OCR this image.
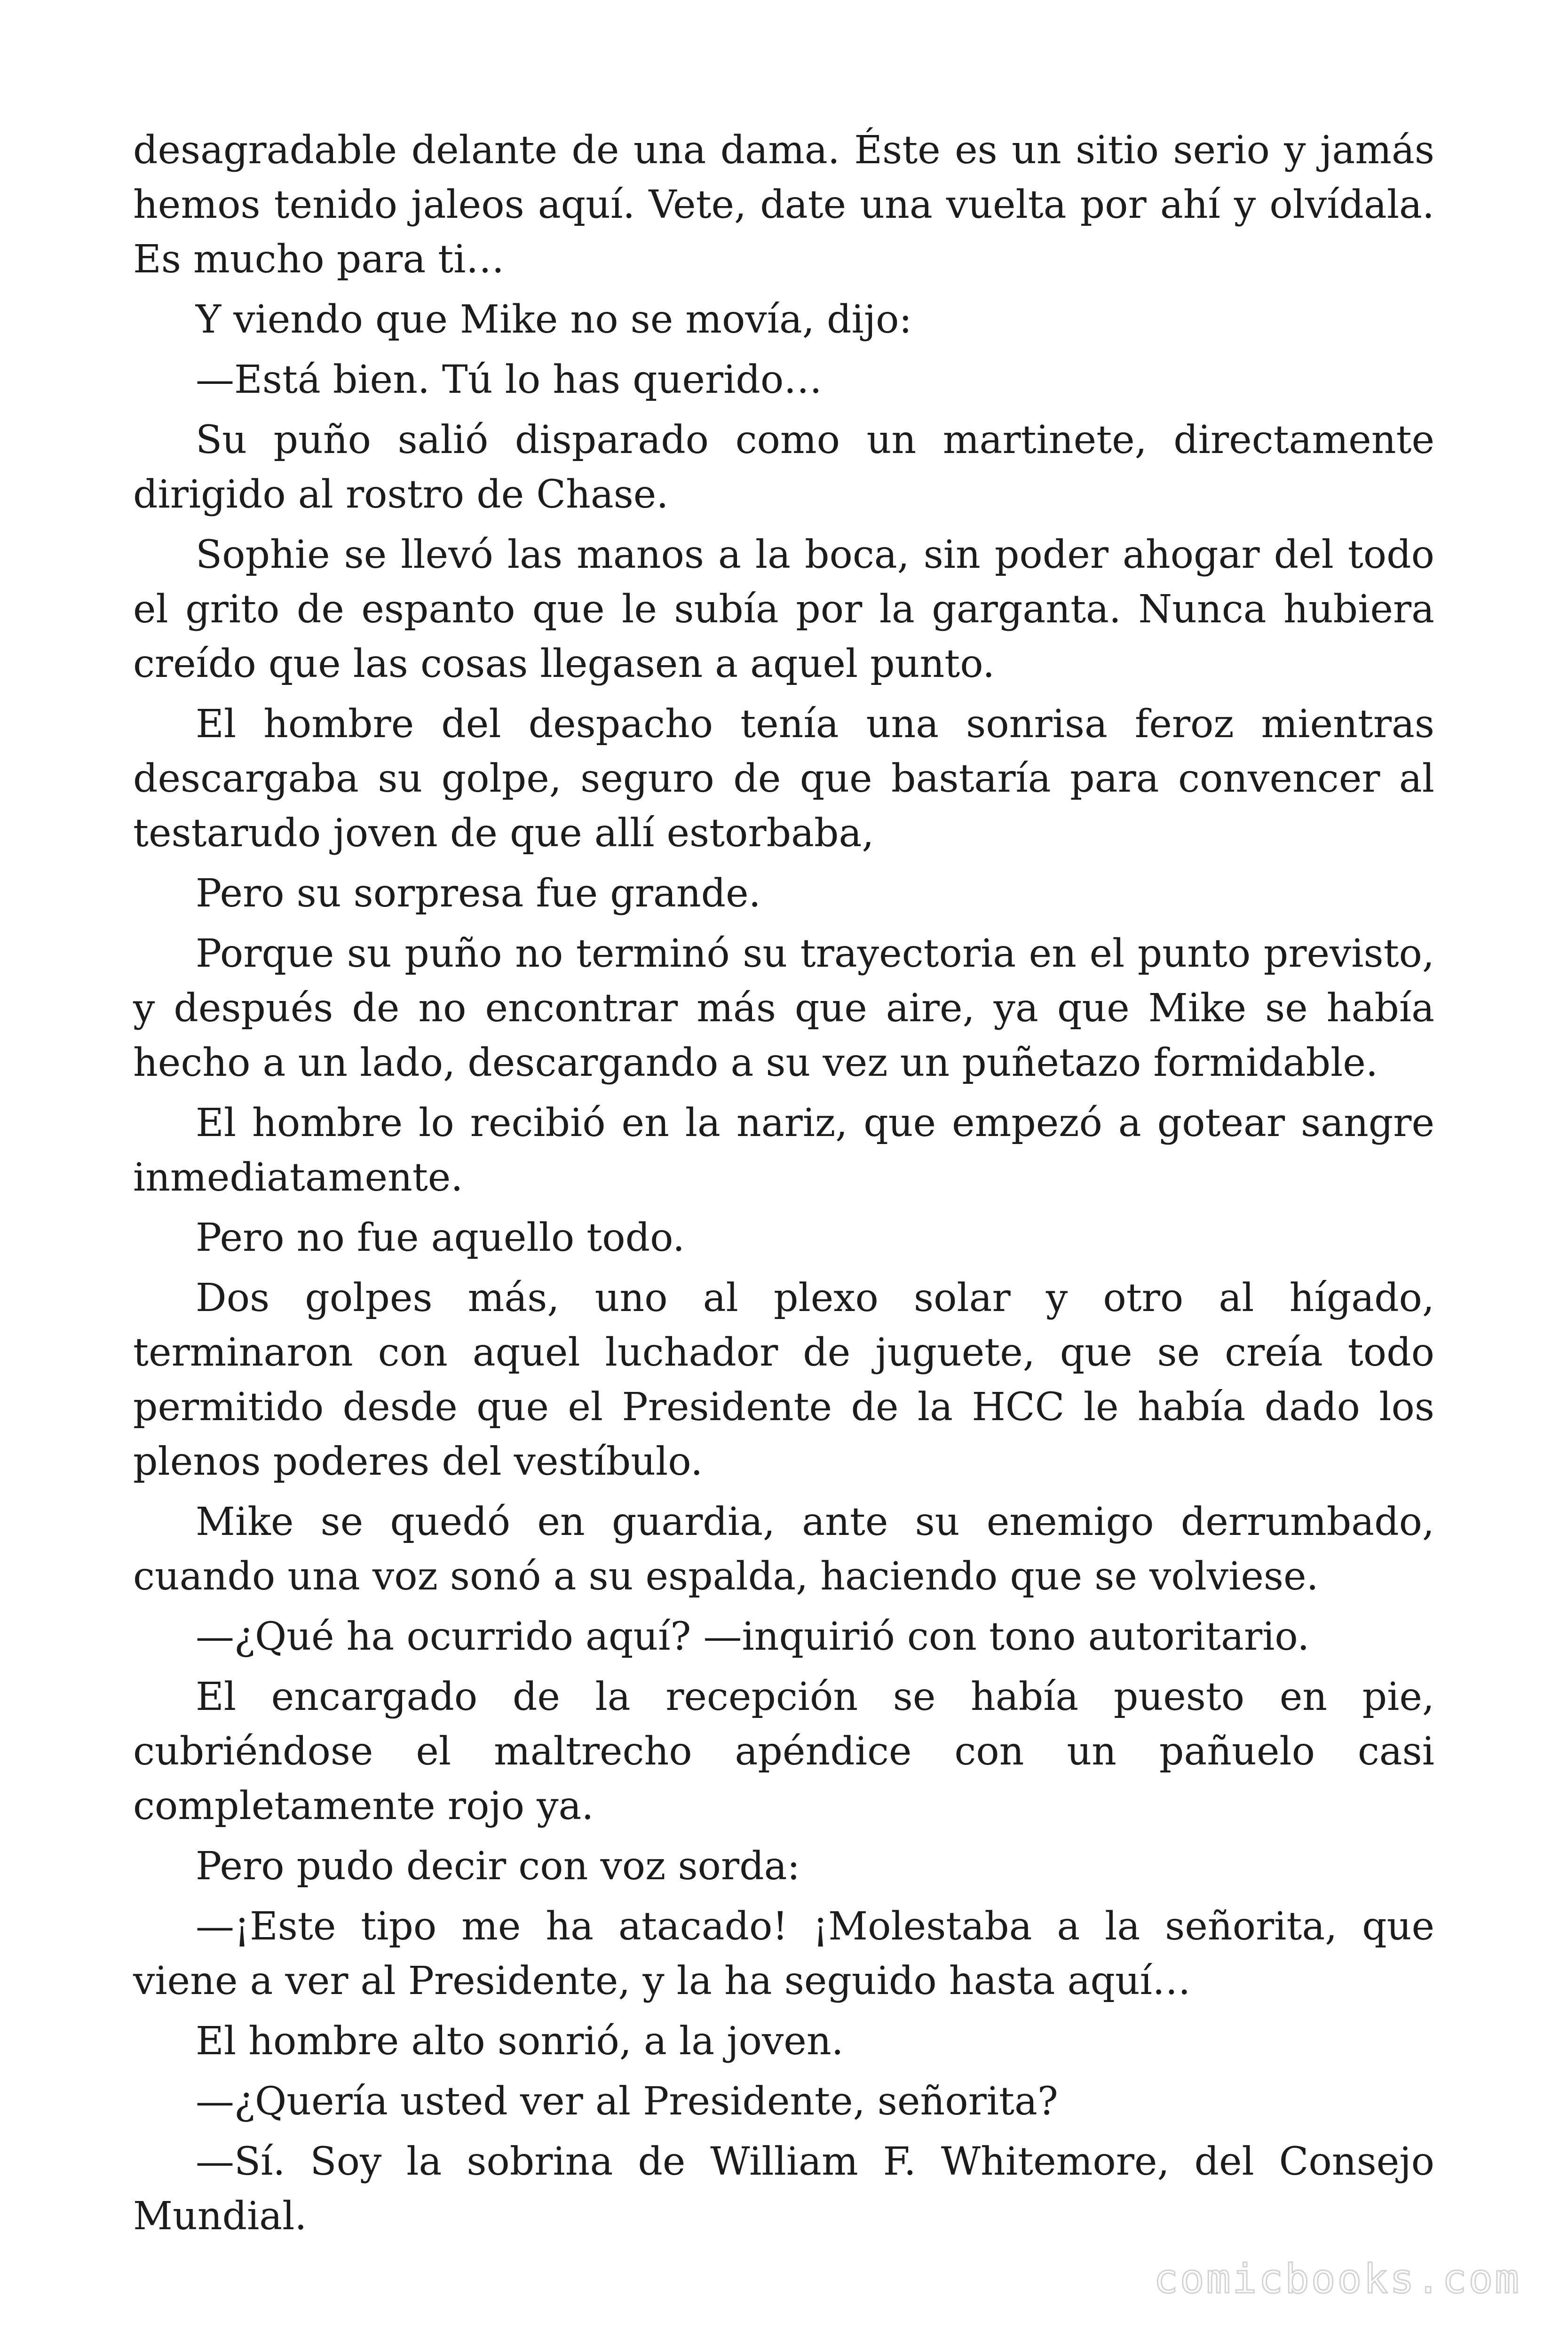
desagradable delante de una dama. Éste es un sitio serio y jamás hemos tenido jaleos aquí. Vete, date una vuelta por ahí y olvídala. Es mucho para ti…

Y viendo que Mike no se movía, dijo:

—Está bien. Tú lo has querido…

Su puño salió disparado como un martinete, directamente dirigido al rostro de Chase.

Sophie se llevó las manos a la boca, sin poder ahogar del todo el grito de espanto que le subía por la garganta. Nunca hubiera creído que las cosas llegasen a aquel punto.

El hombre del despacho tenía una sonrisa feroz mientras descargaba su golpe, seguro de que bastaría para convencer al testarudo joven de que allí estorbaba,

Pero su sorpresa fue grande.

Porque su puño no terminó su trayectoria en el punto previsto, y después de no encontrar más que aire, ya que Mike se había hecho a un lado, descargando a su vez un puñetazo formidable.

El hombre lo recibió en la nariz, que empezó a gotear sangre inmediatamente.

Pero no fue aquello todo.

Dos golpes más, uno al plexo solar y otro al hígado, terminaron con aquel luchador de juguete, que se creía todo permitido desde que el Presidente de la HCC le había dado los plenos poderes del vestíbulo.

Mike se quedó en guardia, ante su enemigo derrumbado, cuando una voz sonó a su espalda, haciendo que se volviese.

—¿Qué ha ocurrido aquí? —inquirió con tono autoritario.

El encargado de la recepción se había puesto en pie, cubriéndose el maltrecho apéndice con un pañuelo casi completamente rojo ya.

Pero pudo decir con voz sorda:

—¡Este tipo me ha atacado! ¡Molestaba a la señorita, que viene a ver al Presidente, y la ha seguido hasta aquí…

El hombre alto sonrió, a la joven.

—¿Quería usted ver al Presidente, señorita?

—Sí. Soy la sobrina de William F. Whitemore, del Consejo Mundial.

comicbooks.com
